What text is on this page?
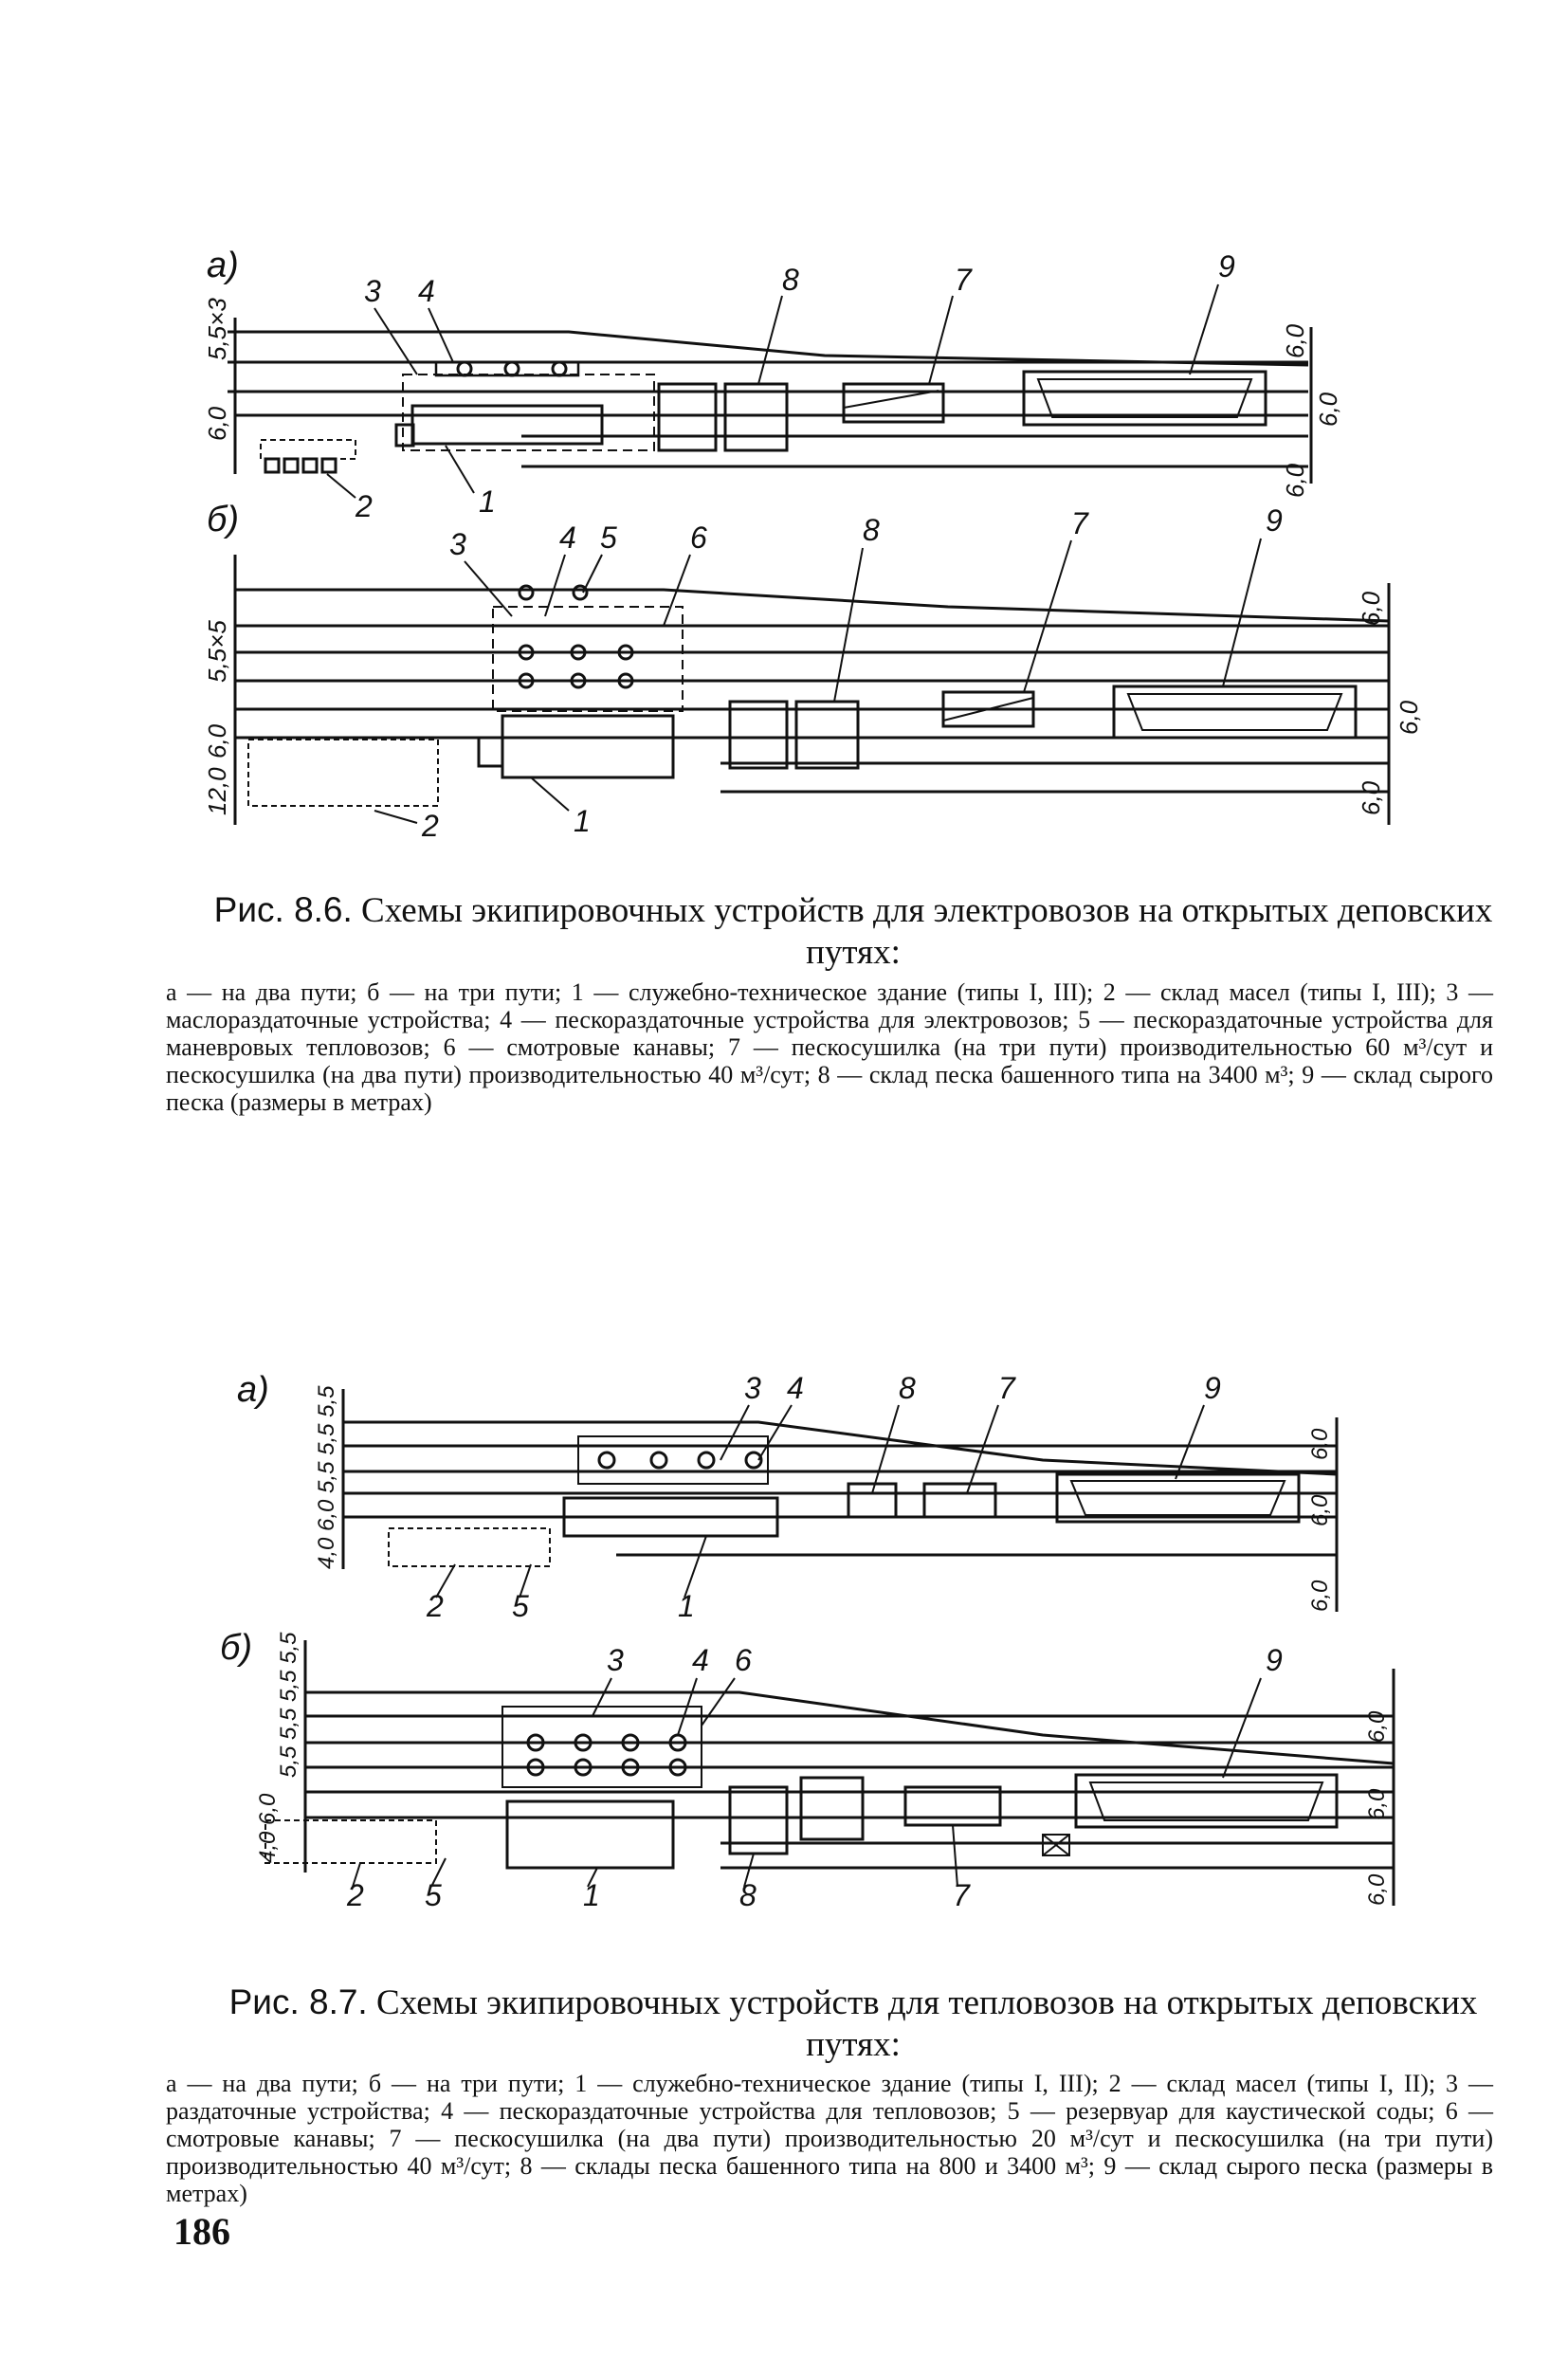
а)
5,5×3
6,0
6,0
6,0
6,0
3 4	8	7	9
1
2
б)
5,5×5
6,0
12,0
6,0
6,0
6,0
3	4 5 6	8	7	9
1
2
Рис. 8.6. Схемы экипировочных устройств для электровозов на открытых деповских путях:
а — на два пути; б — на три пути; 1 — служебно-техническое здание (типы I, III); 2 — склад масел (типы I, III); 3 — маслораздаточные устройства; 4 — пескораздаточные устройства для электровозов; 5 — пескораздаточные устройства для маневровых тепловозов; 6 — смотровые канавы; 7 — пескосушилка (на три пути) производительностью 60 м³/сут и пескосушилка (на два пути) производительностью 40 м³/сут; 8 — склад песка башенного типа на 3400 м³; 9 — склад сырого песка (размеры в метрах)
а) 4,0 6,0 5,5 5,5 5,5	6,0
6,0
6,0
3 4	8	7	9
2 5	1
б) 5,5 5,5 5,5 5,5
4,0 6,0
6,0
6,0
6,0
3 4 6	9
2 5	1	8	7
Рис. 8.7. Схемы экипировочных устройств для тепловозов на открытых деповских путях:
а — на два пути; б — на три пути; 1 — служебно-техническое здание (типы I, III); 2 — склад масел (типы I, II); 3 — раздаточные устройства; 4 — пескораздаточные устройства для тепловозов; 5 — резервуар для каустической соды; 6 — смотровые канавы; 7 — пескосушилка (на два пути) производительностью 20 м³/сут и пескосушилка (на три пути) производительностью 40 м³/сут; 8 — склады песка башенного типа на 800 и 3400 м³; 9 — склад сырого песка (размеры в метрах)
186
